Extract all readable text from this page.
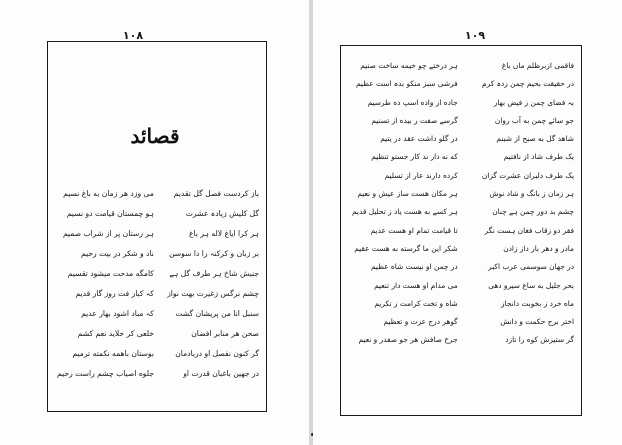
۱۰۸
قصائد
باز کردست فصل گل تقدیم
می وزد هر زمان به باغ نسیم
گل کلیش زیادہ عشرت
ہو چمستان قیامت دو نسیم
ہر کرا ایاغ لاله ہر باغ
ہر رستان پر از شراب صمیم
بر زبان و کرکنہ را دا سوسن
ناد و شکر در بیت رحیم
جنبش شاخ ہر طرف گل ہے
کامگه مدحت میشود تقسیم
چشم نرگس زغیرت بهت نواز
کہ کبار فت روز گار قدیم
سنبل انا من پریشان گشت
کہ مباد اشود بهار عدیم
صحن هر منابر افضان
خلعی کر خلاید نعم کشم
گر کنون نفصل او دربادمان
بوستان باهمه نکمته ترمیم
در جهین باغبان قدرت او
جلوه اصیاب چشم راست رحیم
۱۰۹
فاقمی ازبرظلم ماں باغ
ہر درختے چو خیمه ساخت صنیم
در حقیقت بحیم چمن زدہ کرم
فرشی سبز منکو بدہ است عظیم
بہ فضای چمن ز فیض بهار
جاده از واده اسپ ده طرسیم
جو سائے چمن به آب روان
گرسے صفت ر بیده از تسنیم
شاهد گل به صبح از شبنم
در گلو داشت عقد در یتیم
یک طرف شاد از نافتیم
که نه دار ند کار جستو تنظیم
یک طرف دلبران عشرت گزان
کرده دارند عار از تسلیم
ہر زمان ز بانگ و شاد نوش
ہر مکان هست ساز عیش و نعیم
چشم بد دور چمن ہے چنان
ہر کسے به هست یاد ز تحلیل قدیم
فقر دو زقاب فغان ہست نگر
تا قیامت تمام او هست عدیم
مادر و دهر بار داز زادن
شکر این ما گرسته به هست عقیم
در جهان سوسمی عرب اکبر
در چمن او نیست شاه عظیم
بحر جلیل به ساع سیرو دهی
می مدام او هست دار تنعیم
ماه خرد ز بخوبت دانجاز
شاه و تخت کرامت ز تکریم
اختر برج حکمت و دانش
گوهر درج عزت و تعظیم
گر ستیزش کوه را تازد
جرخ صافش هر جو صفدر و نعیم
